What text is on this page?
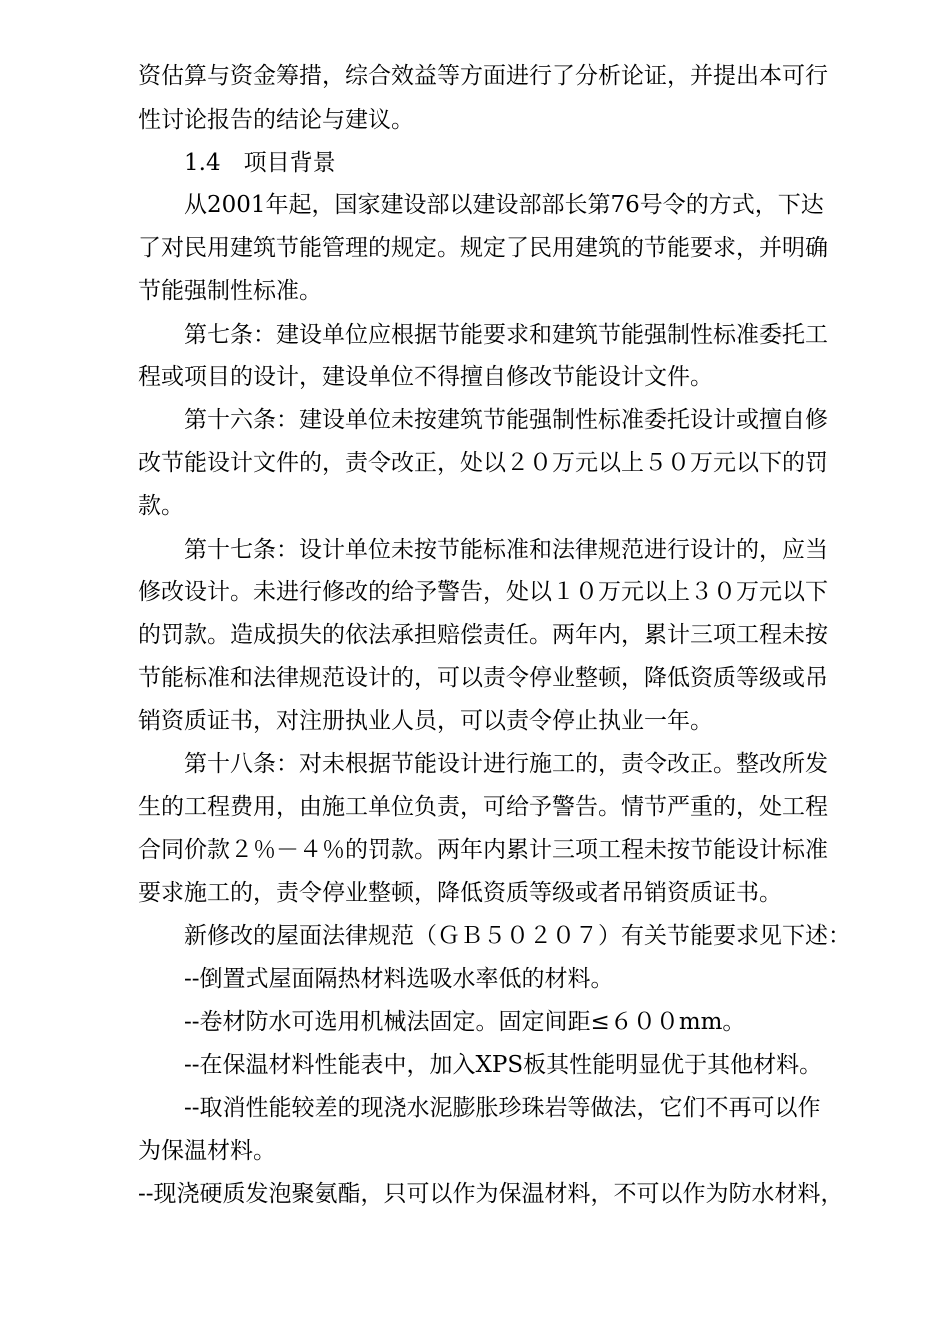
资估算与资金筹措，综合效益等方面进行了分析论证，并提出本可行
性讨论报告的结论与建议。
1.4　项目背景
从2001年起，国家建设部以建设部部长第76号令的方式，下达
了对民用建筑节能管理的规定。规定了民用建筑的节能要求，并明确
节能强制性标准。
第七条：建设单位应根据节能要求和建筑节能强制性标准委托工
程或项目的设计，建设单位不得擅自修改节能设计文件。
第十六条：建设单位未按建筑节能强制性标准委托设计或擅自修
改节能设计文件的，责令改正，处以２０万元以上５０万元以下的罚
款。
第十七条：设计单位未按节能标准和法律规范进行设计的，应当
修改设计。未进行修改的给予警告，处以１０万元以上３０万元以下
的罚款。造成损失的依法承担赔偿责任。两年内，累计三项工程未按
节能标准和法律规范设计的，可以责令停业整顿，降低资质等级或吊
销资质证书，对注册执业人员，可以责令停止执业一年。
第十八条：对未根据节能设计进行施工的，责令改正。整改所发
生的工程费用，由施工单位负责，可给予警告。情节严重的，处工程
合同价款２％－４％的罚款。两年内累计三项工程未按节能设计标准
要求施工的，责令停业整顿，降低资质等级或者吊销资质证书。
新修改的屋面法律规范（ＧＢ５０２０７）有关节能要求见下述：
--倒置式屋面隔热材料选吸水率低的材料。
--卷材防水可选用机械法固定。固定间距≤６００mm。
--在保温材料性能表中，加入XPS板其性能明显优于其他材料。
--取消性能较差的现浇水泥膨胀珍珠岩等做法，它们不再可以作
为保温材料。
--现浇硬质发泡聚氨酯，只可以作为保温材料，不可以作为防水材料，
